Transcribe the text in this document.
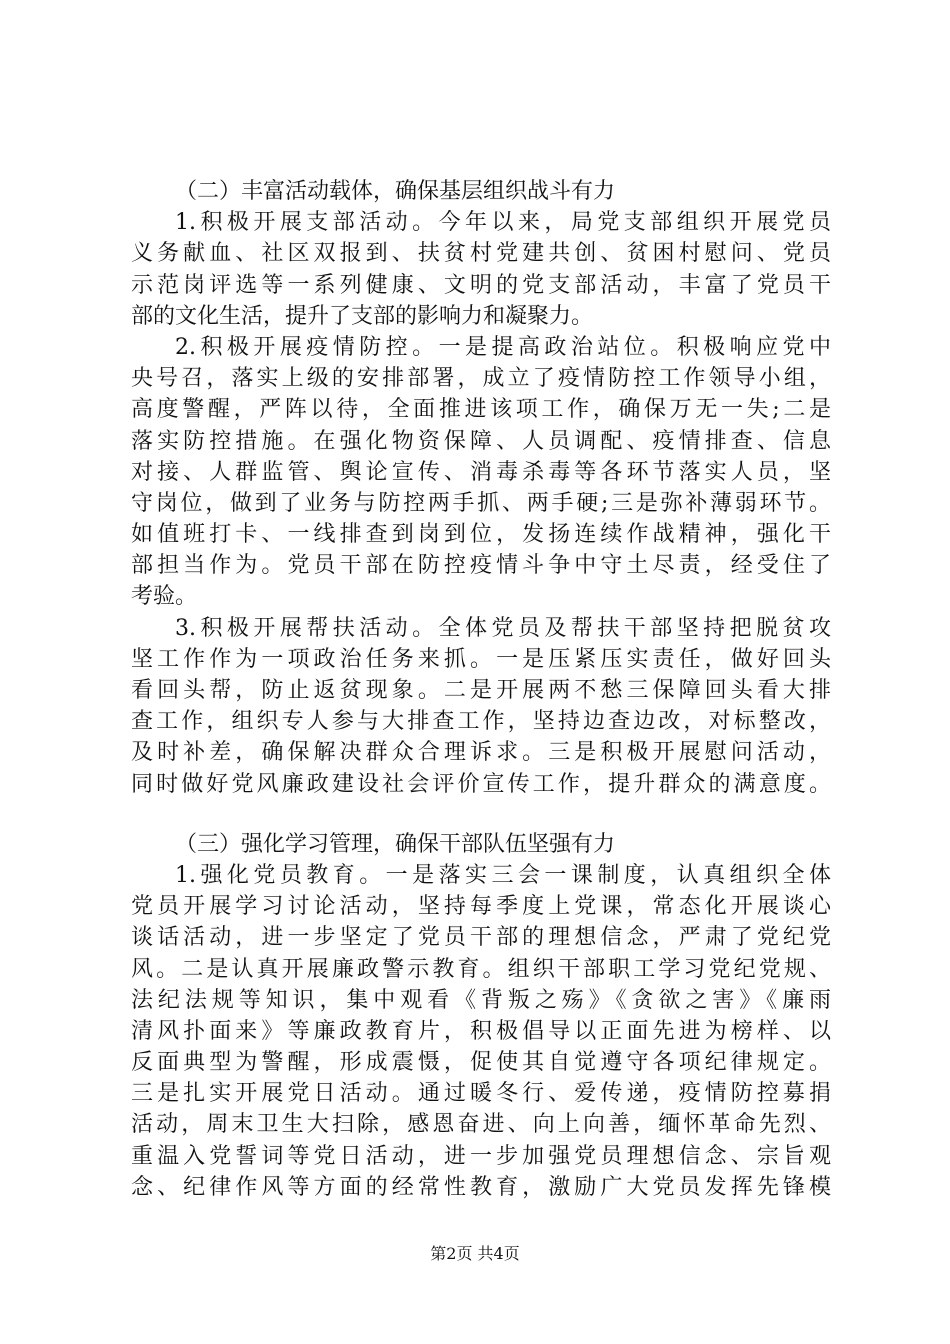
（二）丰富活动载体，确保基层组织战斗有力
1.积极开展支部活动。今年以来，局党支部组织开展党员
义务献血、社区双报到、扶贫村党建共创、贫困村慰问、党员
示范岗评选等一系列健康、文明的党支部活动，丰富了党员干
部的文化生活，提升了支部的影响力和凝聚力。
2.积极开展疫情防控。一是提高政治站位。积极响应党中
央号召，落实上级的安排部署，成立了疫情防控工作领导小组，
高度警醒，严阵以待，全面推进该项工作，确保万无一失;二是
落实防控措施。在强化物资保障、人员调配、疫情排查、信息
对接、人群监管、舆论宣传、消毒杀毒等各环节落实人员，坚
守岗位，做到了业务与防控两手抓、两手硬;三是弥补薄弱环节。
如值班打卡、一线排查到岗到位，发扬连续作战精神，强化干
部担当作为。党员干部在防控疫情斗争中守土尽责，经受住了
考验。
3.积极开展帮扶活动。全体党员及帮扶干部坚持把脱贫攻
坚工作作为一项政治任务来抓。一是压紧压实责任，做好回头
看回头帮，防止返贫现象。二是开展两不愁三保障回头看大排
查工作，组织专人参与大排查工作，坚持边查边改，对标整改，
及时补差，确保解决群众合理诉求。三是积极开展慰问活动，
同时做好党风廉政建设社会评价宣传工作，提升群众的满意度。
（三）强化学习管理，确保干部队伍坚强有力
1.强化党员教育。一是落实三会一课制度，认真组织全体
党员开展学习讨论活动，坚持每季度上党课，常态化开展谈心
谈话活动，进一步坚定了党员干部的理想信念，严肃了党纪党
风。二是认真开展廉政警示教育。组织干部职工学习党纪党规、
法纪法规等知识，集中观看《背叛之殇》《贪欲之害》《廉雨
清风扑面来》等廉政教育片，积极倡导以正面先进为榜样、以
反面典型为警醒，形成震慑，促使其自觉遵守各项纪律规定。
三是扎实开展党日活动。通过暖冬行、爱传递，疫情防控募捐
活动，周末卫生大扫除，感恩奋进、向上向善，缅怀革命先烈、
重温入党誓词等党日活动，进一步加强党员理想信念、宗旨观
念、纪律作风等方面的经常性教育，激励广大党员发挥先锋模
第2页 共4页
